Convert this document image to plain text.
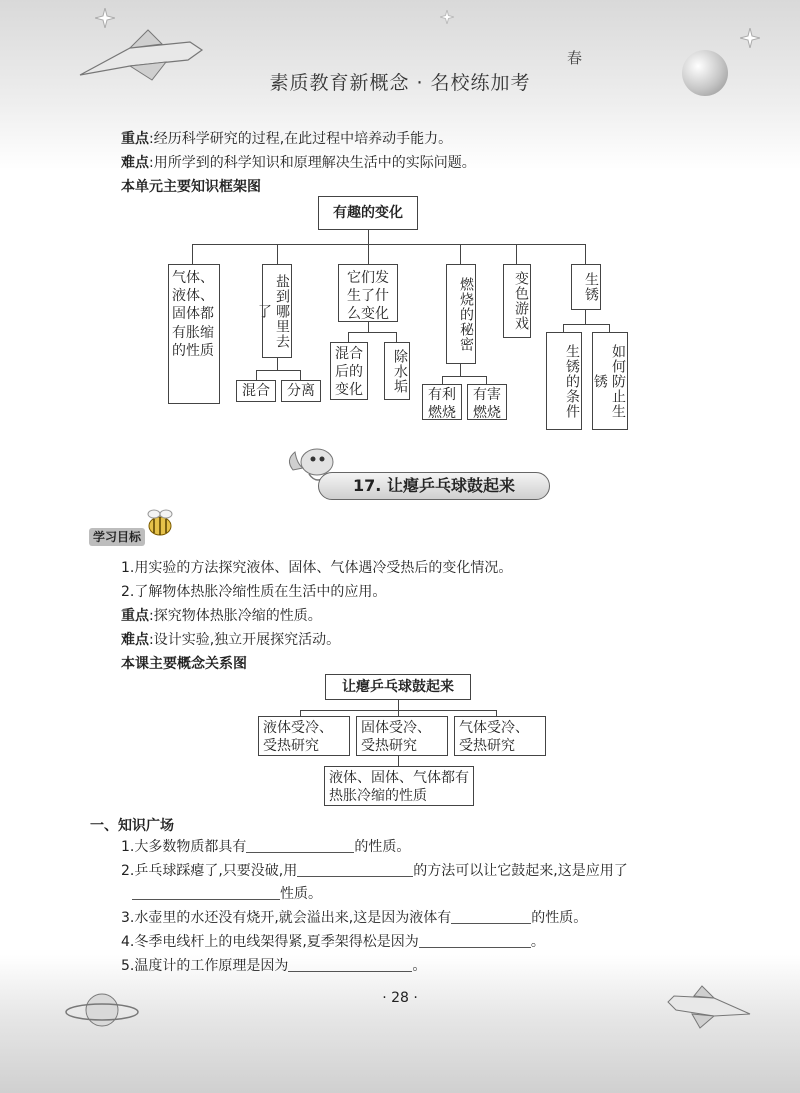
素质教育新概念 · 名校练加考
春
重点:经历科学研究的过程,在此过程中培养动手能力。
难点:用所学到的科学知识和原理解决生活中的实际问题。
本单元主要知识框架图
有趣的变化
气体、液体、固体都有胀缩的性质
盐到哪里去了
它们发生了什么变化	燃烧的秘密	变色游戏	生锈
混合	分离
混合后的变化	除水垢
有利燃烧
有害燃烧	生锈的条件	如何防止生锈
17. 让瘪乒乓球鼓起来
学习目标
1.用实验的方法探究液体、固体、气体遇冷受热后的变化情况。
2.了解物体热胀冷缩性质在生活中的应用。
重点:探究物体热胀冷缩的性质。
难点:设计实验,独立开展探究活动。
本课主要概念关系图
让瘪乒乓球鼓起来
液体受冷、受热研究
固体受冷、受热研究
气体受冷、受热研究
液体、固体、气体都有热胀冷缩的性质
一、知识广场
1.大多数物质都具有	的性质。
2.乒乓球踩瘪了,只要没破,用	的方法可以让它鼓起来,这是应用了
性质。
3.水壶里的水还没有烧开,就会溢出来,这是因为液体有	的性质。
4.冬季电线杆上的电线架得紧,夏季架得松是因为	。
5.温度计的工作原理是因为	。
· 28 ·
